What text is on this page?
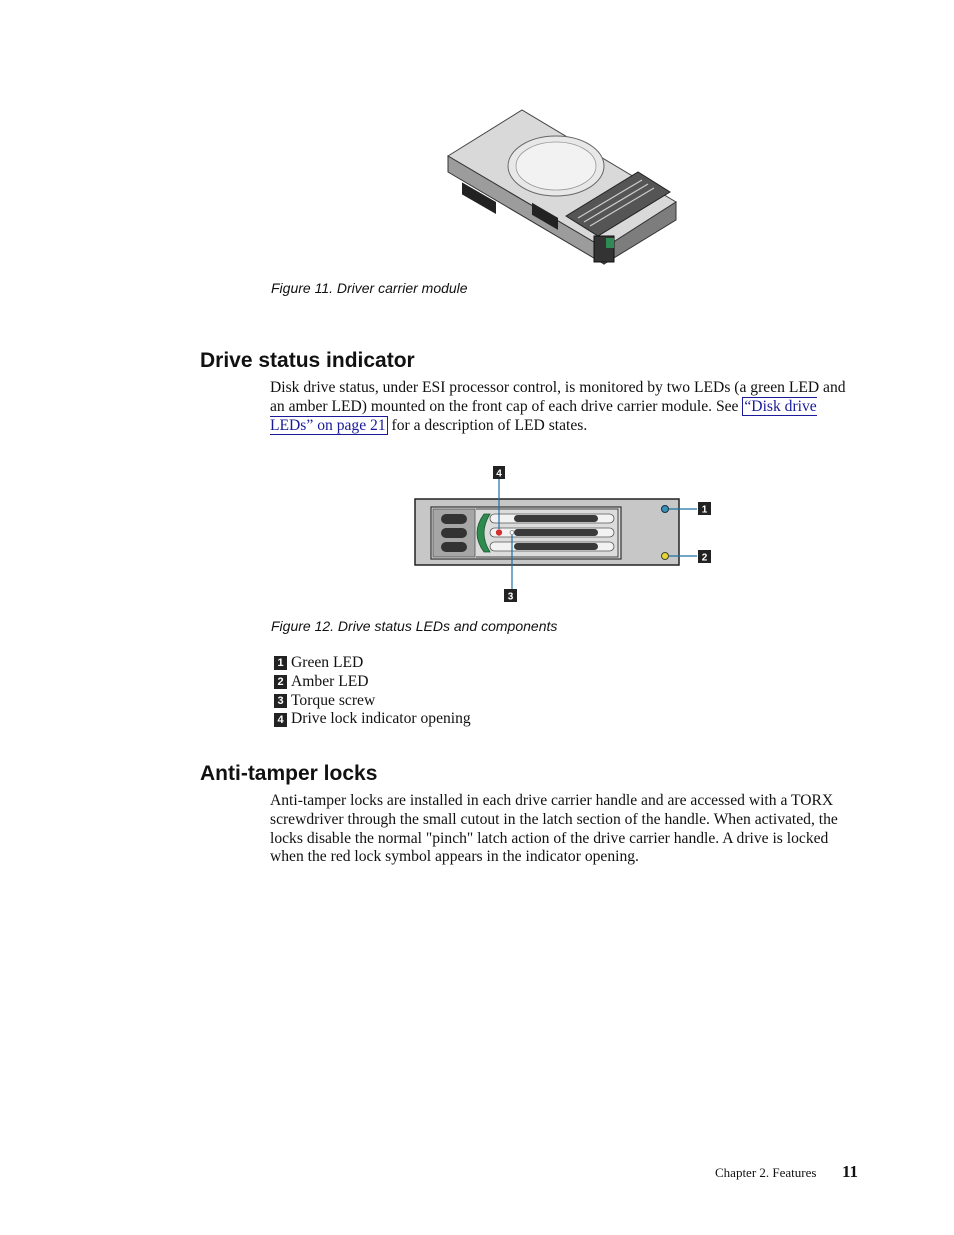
Figure 11. Driver carrier module
Drive status indicator
Disk drive status, under ESI processor control, is monitored by two LEDs (a green LED and an amber LED) mounted on the front cap of each drive carrier module. See “Disk drive LEDs” on page 21 for a description of LED states.
4
1
2
3
Figure 12. Drive status LEDs and components
1 Green LED
2 Amber LED
3 Torque screw
4 Drive lock indicator opening
Anti-tamper locks
Anti-tamper locks are installed in each drive carrier handle and are accessed with a TORX screwdriver through the small cutout in the latch section of the handle. When activated, the locks disable the normal "pinch" latch action of the drive carrier handle. A drive is locked when the red lock symbol appears in the indicator opening.
Chapter 2. Features 11
